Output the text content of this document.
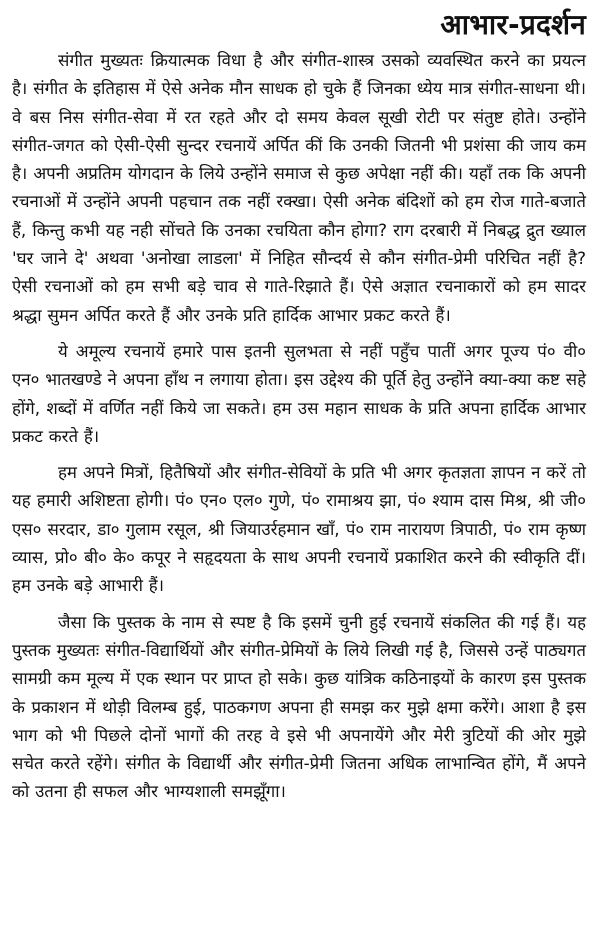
आभार-प्रदर्शन

संगीत मुख्यतः क्रियात्मक विधा है और संगीत-शास्त्र उसको व्यवस्थित करने का प्रयत्न है। संगीत के इतिहास में ऐसे अनेक मौन साधक हो चुके हैं जिनका ध्येय मात्र संगीत-साधना थी। वे बस निस संगीत-सेवा में रत रहते और दो समय केवल सूखी रोटी पर संतुष्ट होते। उन्होंने संगीत-जगत को ऐसी-ऐसी सुन्दर रचनायें अर्पित कीं कि उनकी जितनी भी प्रशंसा की जाय कम है। अपनी अप्रतिम योगदान के लिये उन्होंने समाज से कुछ अपेक्षा नहीं की। यहाँ तक कि अपनी रचनाओं में उन्होंने अपनी पहचान तक नहीं रक्खा। ऐसी अनेक बंदिशों को हम रोज गाते-बजाते हैं, किन्तु कभी यह नही सोंचते कि उनका रचयिता कौन होगा? राग दरबारी में निबद्ध द्रुत ख्याल 'घर जाने दे' अथवा 'अनोखा लाडला' में निहित सौन्दर्य से कौन संगीत-प्रेमी परिचित नहीं है? ऐसी रचनाओं को हम सभी बड़े चाव से गाते-रिझाते हैं। ऐसे अज्ञात रचनाकारों को हम सादर श्रद्धा सुमन अर्पित करते हैं और उनके प्रति हार्दिक आभार प्रकट करते हैं।

ये अमूल्य रचनायें हमारे पास इतनी सुलभता से नहीं पहुँच पातीं अगर पूज्य पं० वी० एन० भातखण्डे ने अपना हाँथ न लगाया होता। इस उद्देश्य की पूर्ति हेतु उन्होंने क्या-क्या कष्ट सहे होंगे, शब्दों में वर्णित नहीं किये जा सकते। हम उस महान साधक के प्रति अपना हार्दिक आभार प्रकट करते हैं।

हम अपने मित्रों, हितैषियों और संगीत-सेवियों के प्रति भी अगर कृतज्ञता ज्ञापन न करें तो यह हमारी अशिष्टता होगी। पं० एन० एल० गुणे, पं० रामाश्रय झा, पं० श्याम दास मिश्र, श्री जी० एस० सरदार, डा० गुलाम रसूल, श्री जियाउर्रहमान खाँ, पं० राम नारायण त्रिपाठी, पं० राम कृष्ण व्यास, प्रो० बी० के० कपूर ने सहृदयता के साथ अपनी रचनायें प्रकाशित करने की स्वीकृति दीं। हम उनके बड़े आभारी हैं।

जैसा कि पुस्तक के नाम से स्पष्ट है कि इसमें चुनी हुई रचनायें संकलित की गई हैं। यह पुस्तक मुख्यतः संगीत-विद्यार्थियों और संगीत-प्रेमियों के लिये लिखी गई है, जिससे उन्हें पाठ्यगत सामग्री कम मूल्य में एक स्थान पर प्राप्त हो सके। कुछ यांत्रिक कठिनाइयों के कारण इस पुस्तक के प्रकाशन में थोड़ी विलम्ब हुई, पाठकगण अपना ही समझ कर मुझे क्षमा करेंगे। आशा है इस भाग को भी पिछले दोनों भागों की तरह वे इसे भी अपनायेंगे और मेरी त्रुटियों की ओर मुझे सचेत करते रहेंगे। संगीत के विद्यार्थी और संगीत-प्रेमी जितना अधिक लाभान्वित होंगे, मैं अपने को उतना ही सफल और भाग्यशाली समझूँगा।
